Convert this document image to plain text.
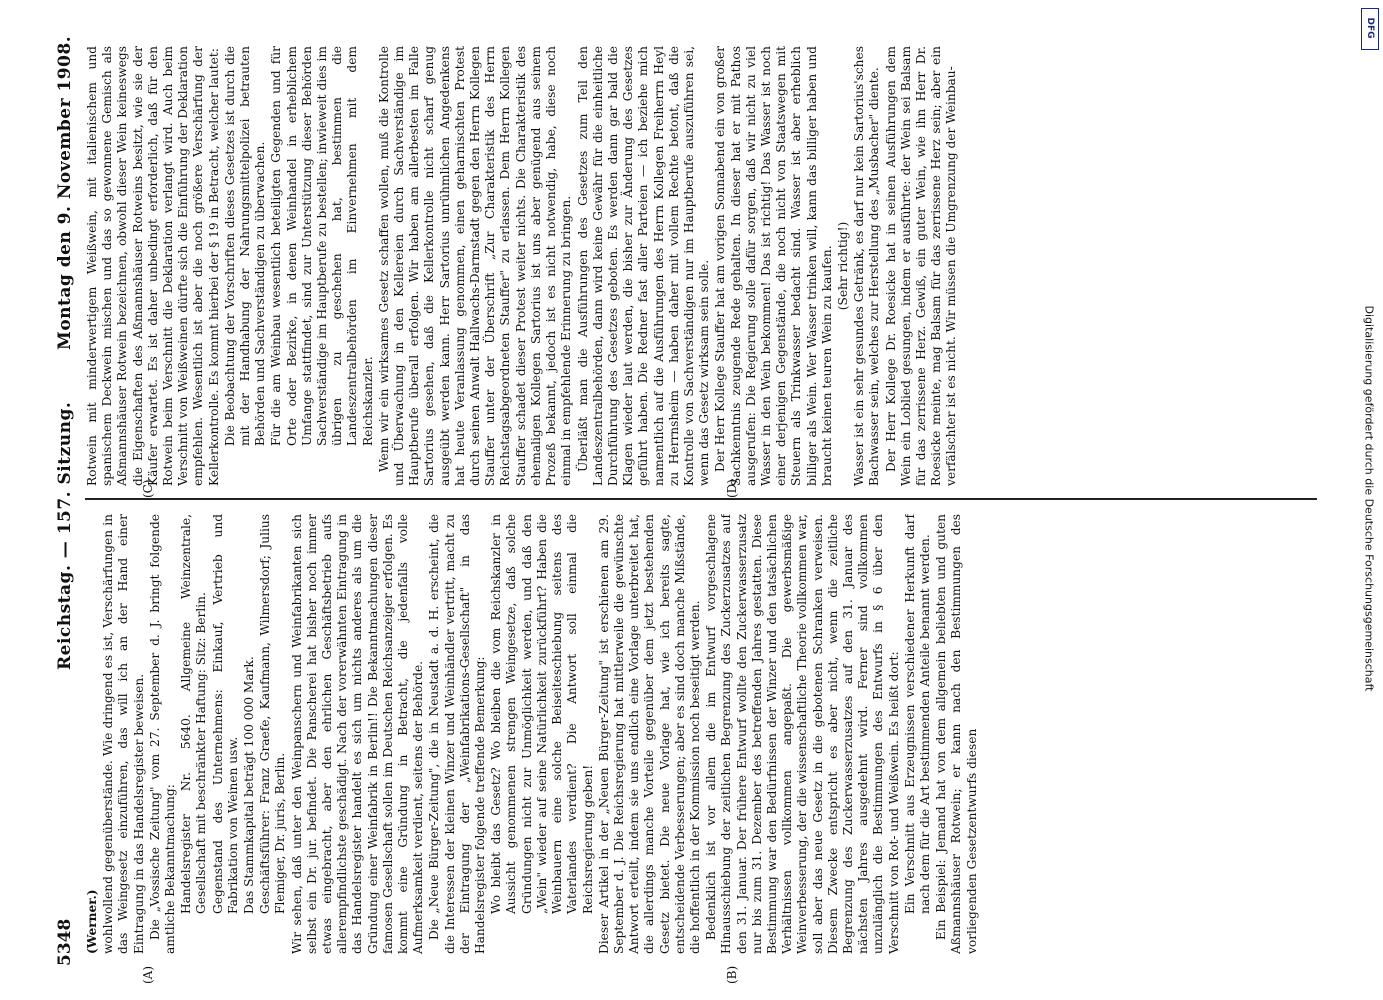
5348
Reichstag. — 157. Sitzung.
Montag den 9. November 1908.
(A)	(B)
(C)	(D)

(Werner.) wohlwollend gegenüberstände. Wie dringend es ist, Verschärfungen in das Weingesetz einzuführen, das will ich an der Hand einer Eintragung in das Handelsregister beweisen. Die „Vossische Zeitung" vom 27. September d. J. bringt folgende amtliche Bekanntmachung: Handelsregister Nr. 5640. Allgemeine Weinzentrale, Gesellschaft mit beschränkter Haftung: Sitz: Berlin. Gegenstand des Unternehmens: Einkauf, Vertrieb und Fabrikation von Weinen usw. Das Stammkapital beträgt 100 000 Mark. Geschäftsführer: Franz Graefe, Kaufmann, Wilmersdorf; Julius Flemiger, Dr. juris, Berlin. Wir sehen, daß unter den Weinpanschern und Weinfabrikanten sich selbst ein Dr. jur. befindet. Die Panscherei hat bisher noch immer etwas eingebracht, aber den ehrlichen Geschäftsbetrieb aufs allerempfindlichste geschädigt. Nach der vorerwähnten Eintragung in das Handelsregister handelt es sich um nichts anderes als um die Gründung einer Weinfabrik in Berlin!! Die Bekanntmachungen dieser famosen Gesellschaft sollen im Deutschen Reichsanzeiger erfolgen. Es kommt eine Gründung in Betracht, die jedenfalls volle Aufmerksamkeit verdient, seitens der Behörde. Die „Neue Bürger-Zeitung", die in Neustadt a. d. H. erscheint, die die Interessen der kleinen Winzer und Weinhändler vertritt, macht zu der Eintragung der „Weinfabrikations-Gesellschaft" in das Handelsregister folgende treffende Bemerkung: Wo bleibt das Gesetz? Wo bleiben die vom Reichskanzler in Aussicht genommenen strengen Weingesetze, daß solche Gründungen nicht zur Unmöglichkeit werden, und daß den „Wein" wieder auf seine Natürlichkeit zurückführt? Haben die Weinbauern eine solche Beiseiteschiebung seitens des Vaterlandes verdient? Die Antwort soll einmal die Reichsregierung geben! Dieser Artikel in der „Neuen Bürger-Zeitung" ist erschienen am 29. September d. J. Die Reichsregierung hat mittlerweile die gewünschte Antwort erteilt, indem sie uns endlich eine Vorlage unterbreitet hat, die allerdings manche Vorteile gegenüber dem jetzt bestehenden Gesetz bietet. Die neue Vorlage hat, wie ich bereits sagte, entscheidende Verbesserungen; aber es sind doch manche Mißstände, die hoffentlich in der Kommission noch beseitigt werden. Bedenklich ist vor allem die im Entwurf vorgeschlagene Hinausschiebung der zeitlichen Begrenzung des Zuckerzusatzes auf den 31. Januar. Der frühere Entwurf wollte den Zuckerwasserzusatz nur bis zum 31. Dezember des betreffenden Jahres gestatten. Diese Bestimmung war den Bedürfnissen der Winzer und den tatsächlichen Verhältnissen vollkommen angepaßt. Die gewerbsmäßige Weinverbesserung, der die wissenschaftliche Theorie vollkommen war, soll aber das neue Gesetz in die gebotenen Schranken verweisen. Diesem Zwecke entspricht es aber nicht, wenn die zeitliche Begrenzung des Zuckerwasserzusatzes auf den 31. Januar des nächsten Jahres ausgedehnt wird. Ferner sind vollkommen unzulänglich die Bestimmungen des Entwurfs in § 6 über den Verschnitt von Rot- und Weißwein. Es heißt dort: Ein Verschnitt aus Erzeugnissen verschiedener Herkunft darf nach dem für die Art bestimmenden Anteile benannt werden. Ein Beispiel: Jemand hat von dem allgemein beliebten und guten Aßmannshäuser Rotwein; er kann nach den Bestimmungen des vorliegenden Gesetzentwurfs diesen

Rotwein mit minderwertigem Weißwein, mit italienischem und spanischem Deckwein mischen und das so gewonnene Gemisch als Aßmannshäuser Rotwein bezeichnen, obwohl dieser Wein keineswegs die Eigenschaften des Aßmannshäuser Rotweins besitzt, wie sie der Käufer erwartet. Es ist daher unbedingt erforderlich, daß für den Rotwein beim Verschnitt die Deklaration verlangt wird. Auch beim Verschnitt von Weißweinen dürfte sich die Einführung der Deklaration empfehlen. Wesentlich ist aber die noch größere Verschärfung der Kellerkontrolle. Es kommt hierbei der § 19 in Betracht, welcher lautet: Die Beobachtung der Vorschriften dieses Gesetzes ist durch die mit der Handhabung der Nahrungsmittelpolizei betrauten Behörden und Sachverständigen zu überwachen. Für die am Weinbau wesentlich beteiligten Gegenden und für Orte oder Bezirke, in denen Weinhandel in erheblichem Umfange stattfindet, sind zur Unterstützung dieser Behörden Sachverständige im Hauptberufe zu bestellen; inwieweit dies im übrigen zu geschehen hat, bestimmen die Landeszentralbehörden im Einvernehmen mit dem Reichskanzler. Wenn wir ein wirksames Gesetz schaffen wollen, muß die Kontrolle und Überwachung in den Kellereien durch Sachverständige im Hauptberufe überall erfolgen. Wir haben am allerbesten im Falle Sartorius gesehen, daß die Kellerkontrolle nicht scharf genug ausgeübt werden kann. Herr Sartorius unrühmlichen Angedenkens hat heute Veranlassung genommen, einen geharnischten Protest durch seinen Anwalt Hallwachs-Darmstadt gegen den Herrn Kollegen Stauffer unter der Überschrift „Zur Charakteristik des Herrn Reichstagsabgeordneten Stauffer" zu erlassen. Dem Herrn Kollegen Stauffer schadet dieser Protest weiter nichts. Die Charakteristik des ehemaligen Kollegen Sartorius ist uns aber genügend aus seinem Prozeß bekannt, jedoch ist es nicht notwendig, habe, diese noch einmal in empfehlende Erinnerung zu bringen. Überläßt man die Ausführungen des Gesetzes zum Teil den Landeszentralbehörden, dann wird keine Gewähr für die einheitliche Durchführung des Gesetzes geboten. Es werden dann gar bald die Klagen wieder laut werden, die bisher zur Änderung des Gesetzes geführt haben. Die Redner fast aller Parteien — ich beziehe mich namentlich auf die Ausführungen des Herrn Kollegen Freiherrn Heyl zu Herrnsheim — haben daher mit vollem Rechte betont, daß die Kontrolle von Sachverständigen nur im Hauptberufe auszuführen sei, wenn das Gesetz wirksam sein solle. Der Herr Kollege Stauffer hat am vorigen Sonnabend ein von großer Sachkenntnis zeugende Rede gehalten. In dieser hat er mit Pathos ausgerufen: Die Regierung solle dafür sorgen, daß wir nicht zu viel Wasser in den Wein bekommen! Das ist richtig! Das Wasser ist noch einer derjenigen Gegenstände, die noch nicht von Staatswegen mit Steuern als Trinkwasser bedacht sind. Wasser ist aber erheblich billiger als Wein. Wer Wasser trinken will, kann das billiger haben und braucht keinen teuren Wein zu kaufen. (Sehr richtig!) Wasser ist ein sehr gesundes Getränk, es darf nur kein Sartorius'sches Bachwasser sein, welches zur Herstellung des „Musbacher" diente. Der Herr Kollege Dr. Roesicke hat in seinen Ausführungen dem Wein ein Loblied gesungen, indem er ausführte: der Wein sei Balsam für das zerrissene Herz. Gewiß, ein guter Wein, wie ihn Herr Dr. Roesicke meinte, mag Balsam für das zerrissene Herz sein; aber ein verfälschter ist es nicht. Wir müssen die Umgrenzung der Weinbau-

DFG
Digitalisierung gefördert durch die Deutsche Forschungsgemeinschaft
